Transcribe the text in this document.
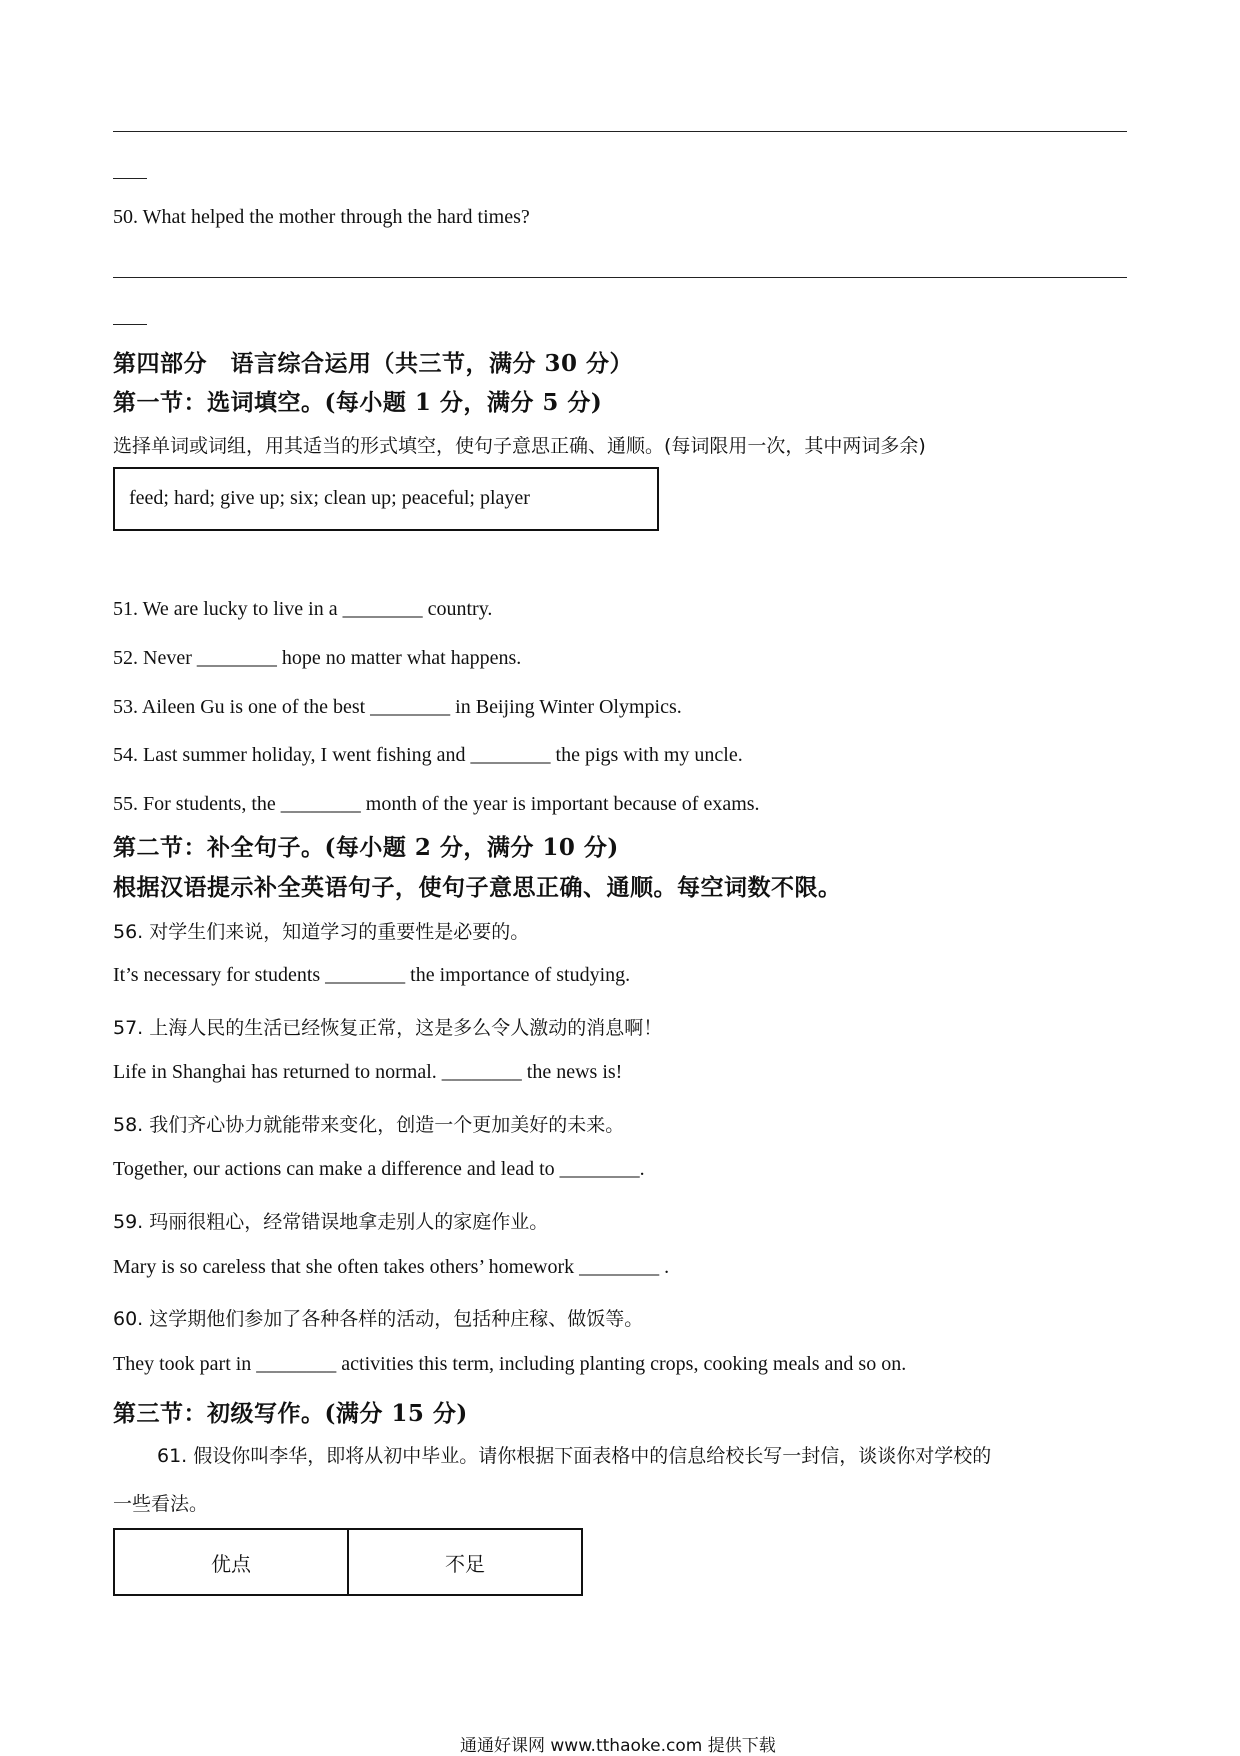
50. What helped the mother through the hard times?
第四部分　语言综合运用（共三节，满分 30 分）
第一节：选词填空。(每小题 1 分，满分 5 分)
选择单词或词组，用其适当的形式填空，使句子意思正确、通顺。(每词限用一次，其中两词多余)
feed; hard; give up; six; clean up; peaceful; player
51. We are lucky to live in a ________ country.
52. Never ________ hope no matter what happens.
53. Aileen Gu is one of the best ________ in Beijing Winter Olympics.
54. Last summer holiday, I went fishing and ________ the pigs with my uncle.
55. For students, the ________ month of the year is important because of exams.
第二节：补全句子。(每小题 2 分，满分 10 分)
根据汉语提示补全英语句子，使句子意思正确、通顺。每空词数不限。
56. 对学生们来说，知道学习的重要性是必要的。
It’s necessary for students ________ the importance of studying.
57. 上海人民的生活已经恢复正常，这是多么令人激动的消息啊！
Life in Shanghai has returned to normal. ________ the news is!
58. 我们齐心协力就能带来变化，创造一个更加美好的未来。
Together, our actions can make a difference and lead to ________.
59. 玛丽很粗心，经常错误地拿走别人的家庭作业。
Mary is so careless that she often takes others’ homework ________ .
60. 这学期他们参加了各种各样的活动，包括种庄稼、做饭等。
They took part in ________ activities this term, including planting crops, cooking meals and so on.
第三节：初级写作。(满分 15 分)
61. 假设你叫李华，即将从初中毕业。请你根据下面表格中的信息给校长写一封信，谈谈你对学校的
一些看法。
优点	不足
通通好课网 www.tthaoke.com 提供下载
